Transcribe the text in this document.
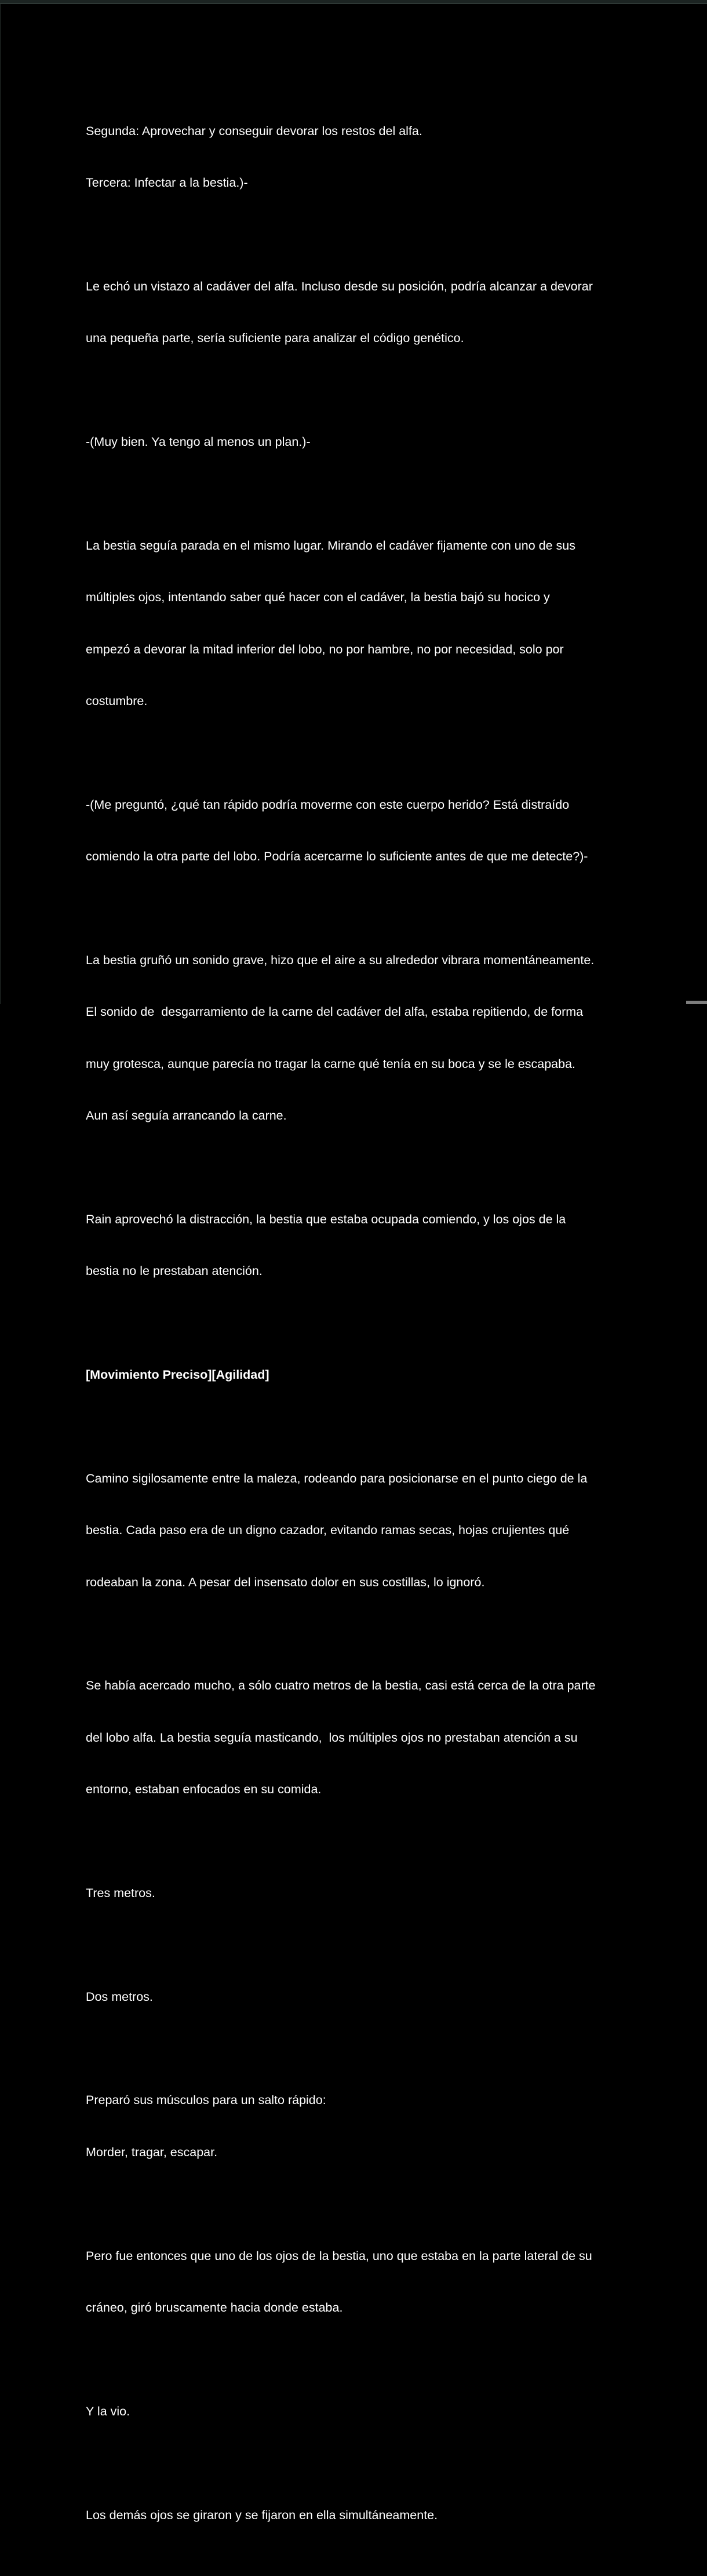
Segunda: Aprovechar y conseguir devorar los restos del alfa.

Tercera: Infectar a la bestia.)-

Le echó un vistazo al cadáver del alfa. Incluso desde su posición, podría alcanzar a devorar

una pequeña parte, sería suficiente para analizar el código genético.

-(Muy bien. Ya tengo al menos un plan.)-

La bestia seguía parada en el mismo lugar. Mirando el cadáver fijamente con uno de sus

múltiples ojos, intentando saber qué hacer con el cadáver, la bestia bajó su hocico y

empezó a devorar la mitad inferior del lobo, no por hambre, no por necesidad, solo por

costumbre.

-(Me preguntó, ¿qué tan rápido podría moverme con este cuerpo herido? Está distraído

comiendo la otra parte del lobo. Podría acercarme lo suficiente antes de que me detecte?)-

La bestia gruñó un sonido grave, hizo que el aire a su alrededor vibrara momentáneamente.

El sonido de  desgarramiento de la carne del cadáver del alfa, estaba repitiendo, de forma

muy grotesca, aunque parecía no tragar la carne qué tenía en su boca y se le escapaba.

Aun así seguía arrancando la carne.

Rain aprovechó la distracción, la bestia que estaba ocupada comiendo, y los ojos de la

bestia no le prestaban atención.

[Movimiento Preciso][Agilidad]

Camino sigilosamente entre la maleza, rodeando para posicionarse en el punto ciego de la

bestia. Cada paso era de un digno cazador, evitando ramas secas, hojas crujientes qué

rodeaban la zona. A pesar del insensato dolor en sus costillas, lo ignoró.

Se había acercado mucho, a sólo cuatro metros de la bestia, casi está cerca de la otra parte

del lobo alfa. La bestia seguía masticando,  los múltiples ojos no prestaban atención a su

entorno, estaban enfocados en su comida.

Tres metros.

Dos metros.

Preparó sus músculos para un salto rápido:

Morder, tragar, escapar.

Pero fue entonces que uno de los ojos de la bestia, uno que estaba en la parte lateral de su

cráneo, giró bruscamente hacia donde estaba.

Y la vio.

Los demás ojos se giraron y se fijaron en ella simultáneamente.
